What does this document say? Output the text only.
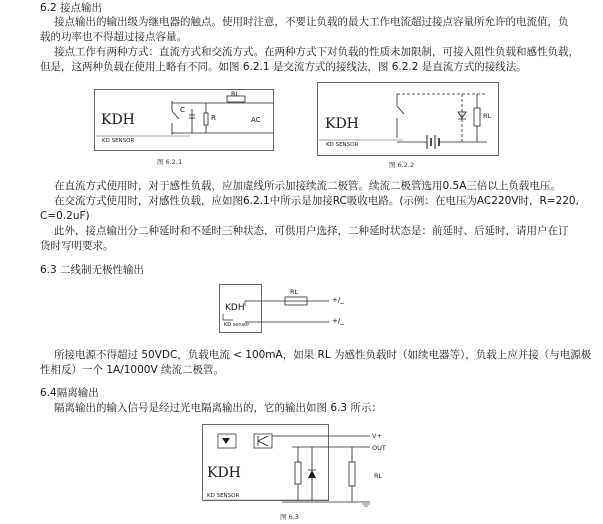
6.2 接点输出
接点输出的输出级为继电器的触点。使用时注意，不要让负载的最大工作电流超过接点容量所允许的电流值，负
载的功率也不得超过接点容量。
接点工作有两种方式：直流方式和交流方式。在两种方式下对负载的性质未加限制，可接入阻性负载和感性负载，
但是，这两种负载在使用上略有不同。如图 6.2.1 是交流方式的接线法，图 6.2.2 是直流方式的接线法。
KDH
KD SENSOR
RL
C
R	AC
图 6.2.1
KDH
KD SENSOR
RL
图 6.2.2
在直流方式使用时，对于感性负载，应加虚线所示加接续流二极管。续流二极管选用0.5A三倍以上负载电压。
在交流方式使用时，对感性负载，应如图6.2.1中所示是加接RC吸收电路。(示例：在电压为AC220V时，R=220,
C=0.2uF)
此外，接点输出分二种延时和不延时三种状态，可供用户选择，二种延时状态是：前延时、后延时，请用户在订
货时写明要求。
6.3 二线制无极性输出
KDH
KD sensor
RL
+/_
+/_
所接电源不得超过 50VDC，负载电流 < 100mA，如果 RL 为感性负载时（如续电器等），负载上应并接（与电源极
性相反）一个 1A/1000V 续流二极管。
6.4隔离输出
隔离输出的输入信号是经过光电隔离输出的，它的输出如图 6.3 所示：
KDH
KD SENSOR
V+
OUT
RL
图 6.3
